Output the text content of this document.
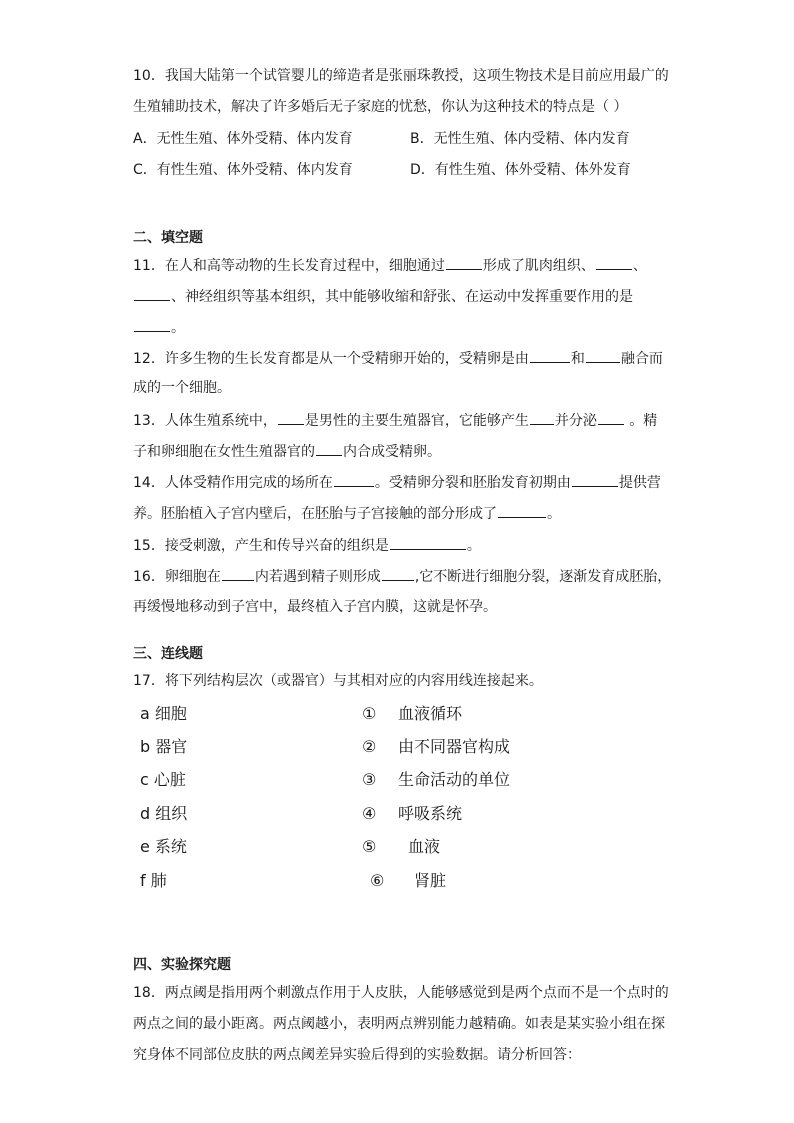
10．我国大陆第一个试管婴儿的缔造者是张丽珠教授，这项生物技术是目前应用最广的
生殖辅助技术，解决了许多婚后无子家庭的忧愁，你认为这种技术的特点是（ ）
A．无性生殖、体外受精、体内发育	B．无性生殖、体内受精、体内发育
C．有性生殖、体外受精、体内发育	D．有性生殖、体外受精、体外发育
二、填空题
11．在人和高等动物的生长发育过程中，细胞通过	形成了肌肉组织、	、
、神经组织等基本组织，其中能够收缩和舒张、在运动中发挥重要作用的是
。
12．许多生物的生长发育都是从一个受精卵开始的，受精卵是由	和	融合而
成的一个细胞。
13．人体生殖系统中， 是男性的主要生殖器官，它能够产生 并分泌 。精
子和卵细胞在女性生殖器官的 内合成受精卵。
14．人体受精作用完成的场所在	。受精卵分裂和胚胎发育初期由	提供营
养。胚胎植入子宫内壁后，在胚胎与子宫接触的部分形成了	。
15．接受刺激，产生和传导兴奋的组织是	。
16．卵细胞在 内若遇到精子则形成 ,它不断进行细胞分裂，逐渐发育成胚胎，
再缓慢地移动到子宫中，最终植入子宫内膜，这就是怀孕。
三、连线题
17．将下列结构层次（或器官）与其相对应的内容用线连接起来。
a 细胞	① 血液循环
b 器官	② 由不同器官构成
c 心脏	③ 生命活动的单位
d 组织	④ 呼吸系统
e 系统	⑤ 血液
f 肺	⑥ 肾脏
四、实验探究题
18．两点阈是指用两个刺激点作用于人皮肤，人能够感觉到是两个点而不是一个点时的
两点之间的最小距离。两点阈越小，表明两点辨别能力越精确。如表是某实验小组在探
究身体不同部位皮肤的两点阈差异实验后得到的实验数据。请分析回答：
